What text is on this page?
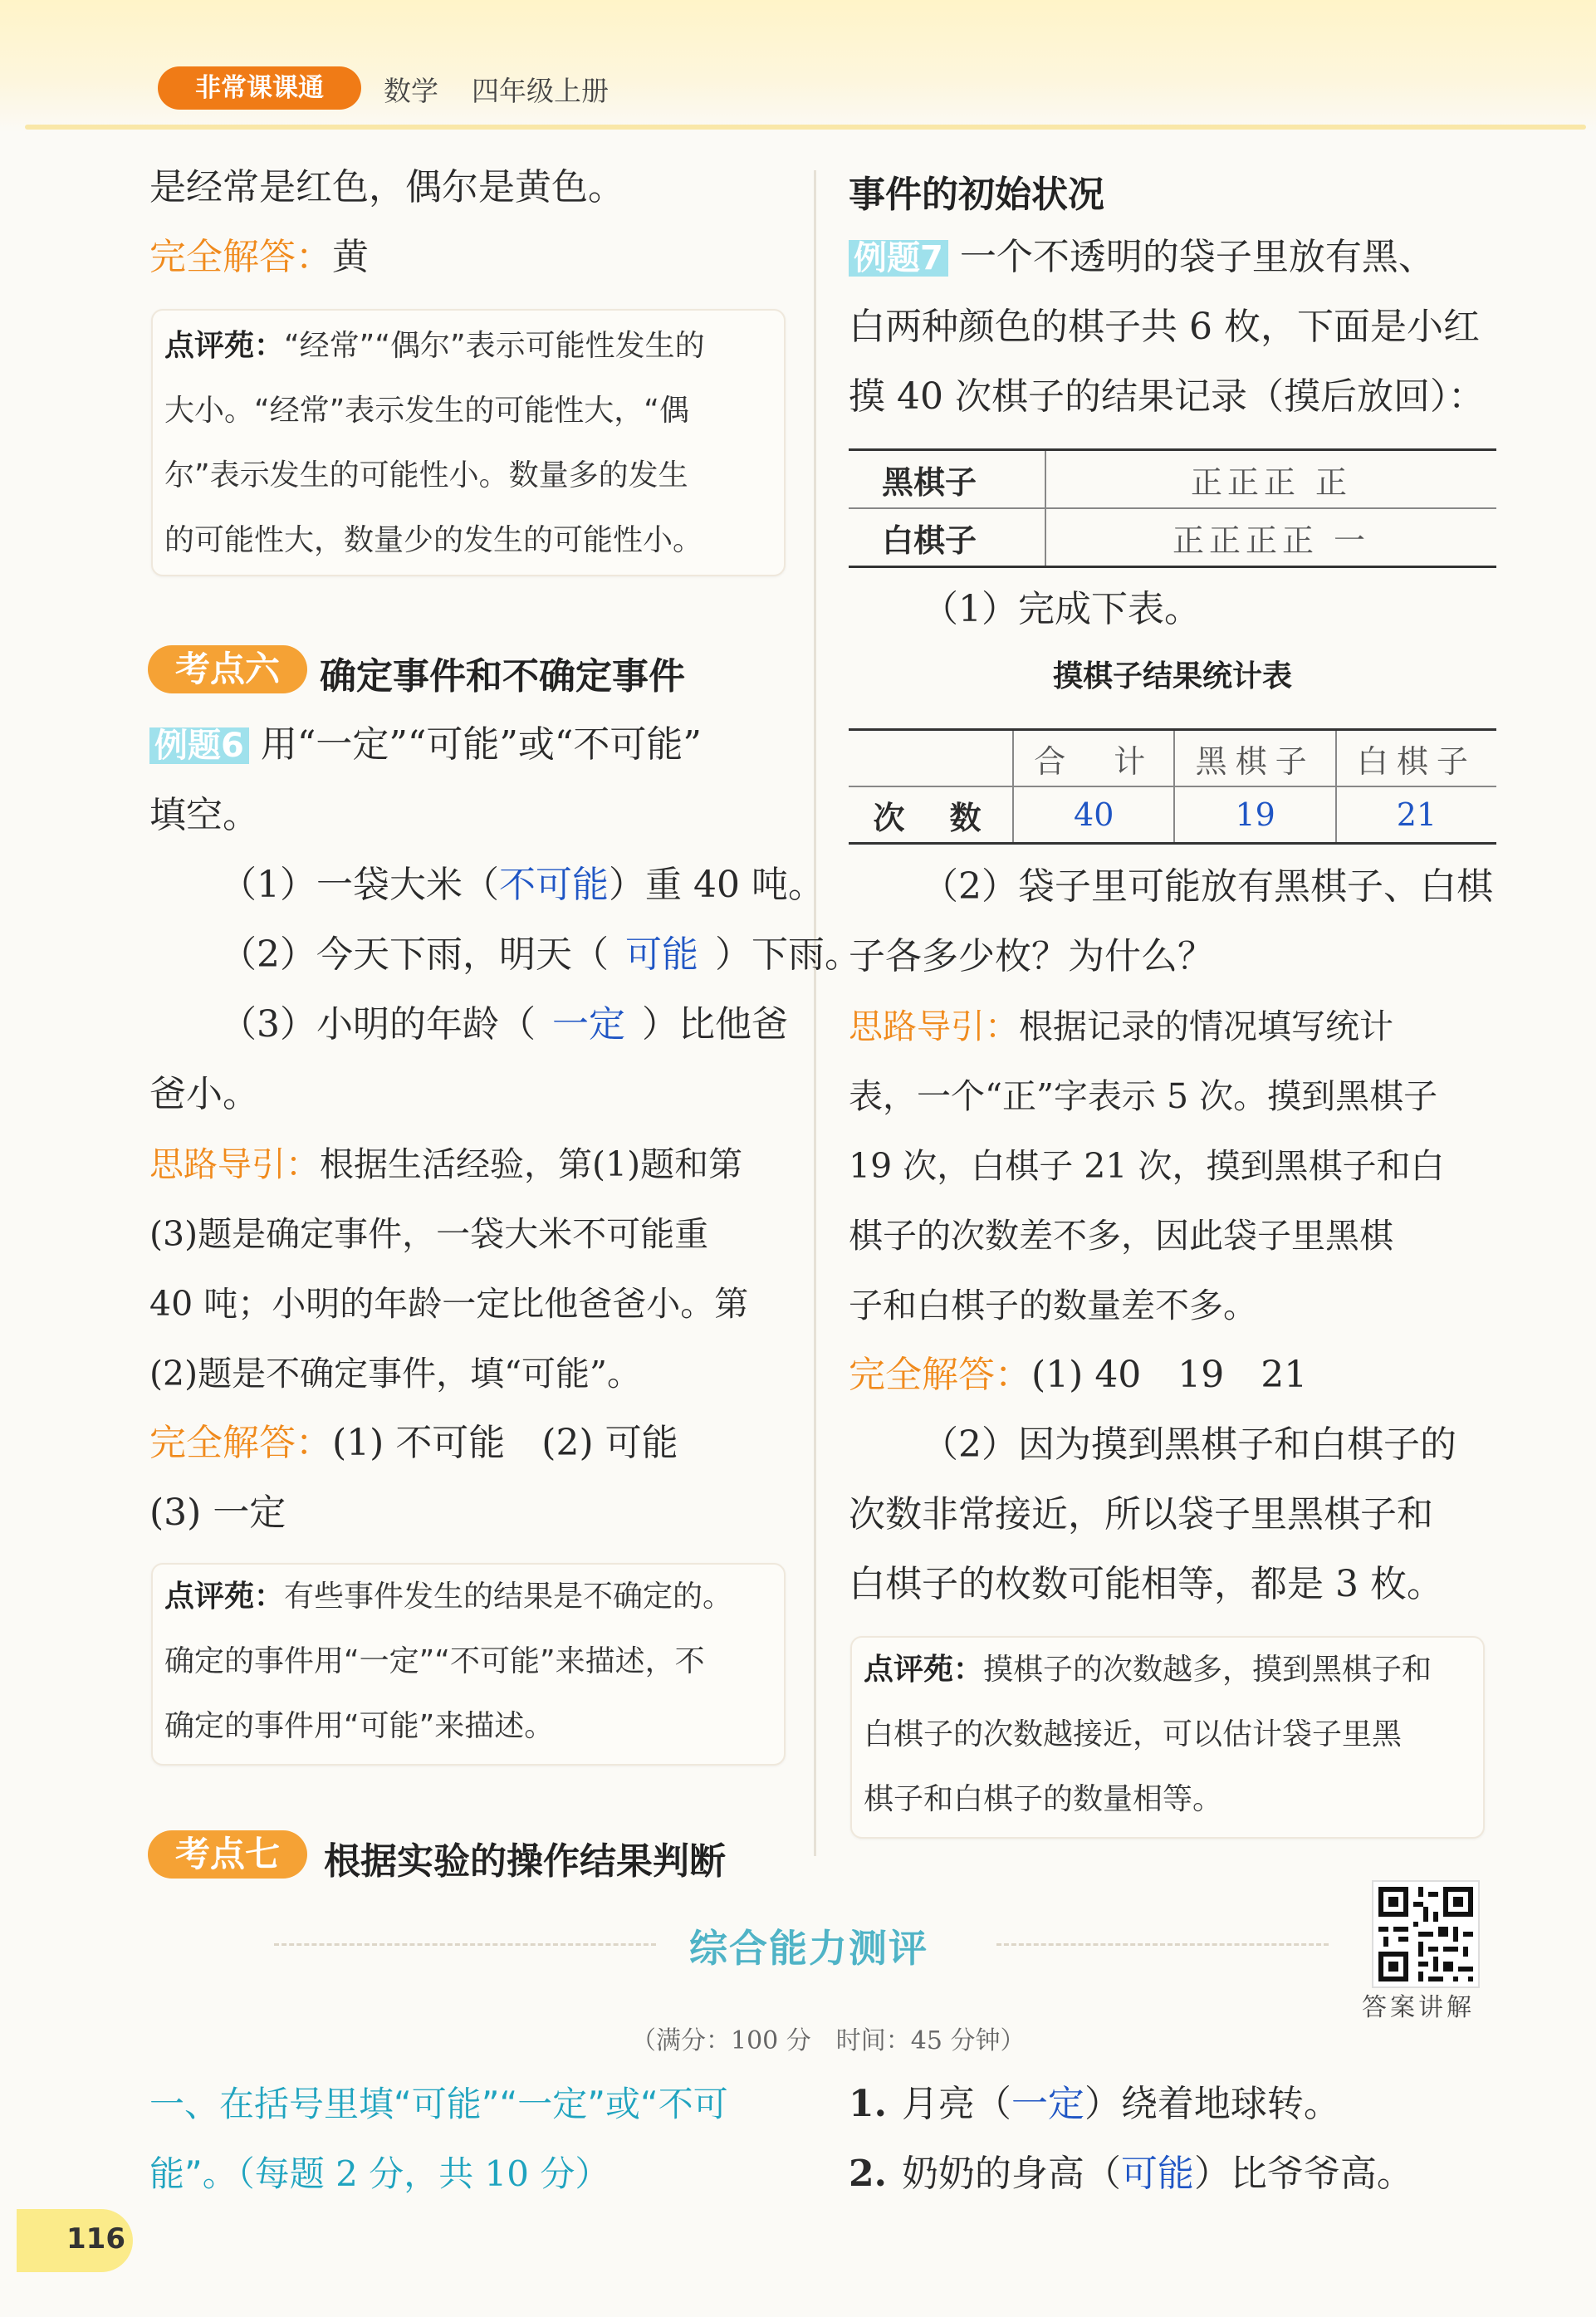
非常课课通	数学 四年级上册
是经常是红色，偶尔是黄色。
完全解答：黄
点评苑：“经常”“偶尔”表示可能性发生的
大小。“经常”表示发生的可能性大，“偶
尔”表示发生的可能性小。数量多的发生
的可能性大，数量少的发生的可能性小。
考点六	确定事件和不确定事件
例题6 用“一定”“可能”或“不可能”
填空。
（1）一袋大米（不可能）重 40 吨。
（2）今天下雨，明天（ 可能 ）下雨。
（3）小明的年龄（ 一定 ）比他爸
爸小。
思路导引：根据生活经验，第(1)题和第
(3)题是确定事件，一袋大米不可能重
40 吨；小明的年龄一定比他爸爸小。第
(2)题是不确定事件，填“可能”。
完全解答：(1) 不可能　(2) 可能
(3) 一定
点评苑：有些事件发生的结果是不确定的。
确定的事件用“一定”“不可能”来描述，不
确定的事件用“可能”来描述。
考点七	根据实验的操作结果判断
事件的初始状况
例题7 一个不透明的袋子里放有黑、
白两种颜色的棋子共 6 枚，下面是小红
摸 40 次棋子的结果记录（摸后放回）：
黑棋子	正正正 正
白棋子	正正正正 一
（1）完成下表。
摸棋子结果统计表
	合　计	黑棋子	白棋子
次　数	40	19	21
（2）袋子里可能放有黑棋子、白棋
子各多少枚？为什么？
思路导引：根据记录的情况填写统计
表，一个“正”字表示 5 次。摸到黑棋子
19 次，白棋子 21 次，摸到黑棋子和白
棋子的次数差不多，因此袋子里黑棋
子和白棋子的数量差不多。
完全解答：(1) 40　19　21
（2）因为摸到黑棋子和白棋子的
次数非常接近，所以袋子里黑棋子和
白棋子的枚数可能相等，都是 3 枚。
点评苑：摸棋子的次数越多，摸到黑棋子和
白棋子的次数越接近，可以估计袋子里黑
棋子和白棋子的数量相等。
综合能力测评
答案讲解
（满分：100 分　时间：45 分钟）
一、在括号里填“可能”“一定”或“不可
能”。（每题 2 分，共 10 分）
1. 月亮（一定）绕着地球转。
2. 奶奶的身高（可能）比爷爷高。
116
